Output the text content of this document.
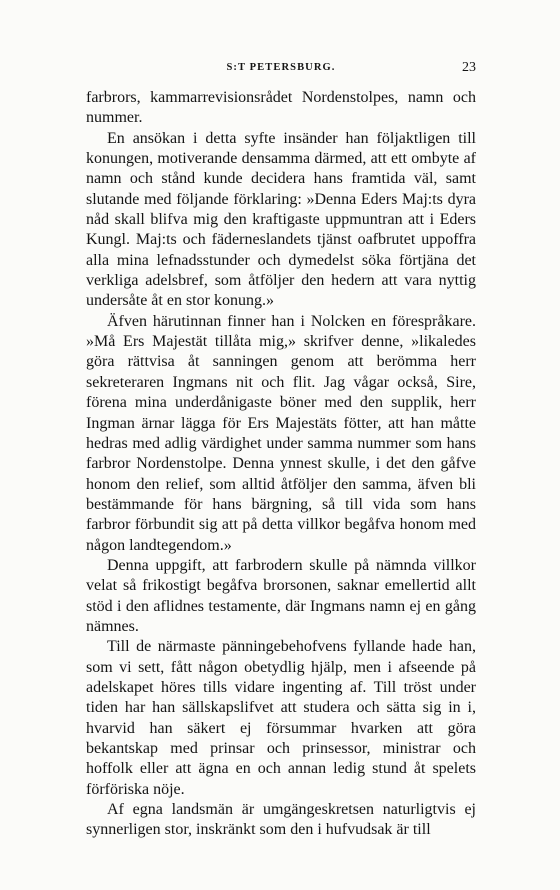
S:T PETERSBURG.	23

farbrors, kammarrevisionsrådet Nordenstolpes, namn och nummer.

En ansökan i detta syfte insänder han följaktligen till konungen, motiverande densamma därmed, att ett ombyte af namn och stånd kunde decidera hans framtida väl, samt slutande med följande förklaring: »Denna Eders Maj:ts dyra nåd skall blifva mig den kraftigaste uppmuntran att i Eders Kungl. Maj:ts och fäderneslandets tjänst oafbrutet uppoffra alla mina lefnadsstunder och dymedelst söka förtjäna det verkliga adelsbref, som åtföljer den hedern att vara nyttig undersåte åt en stor konung.»

Äfven härutinnan finner han i Nolcken en förespråkare. »Må Ers Majestät tillåta mig,» skrifver denne, »likaledes göra rättvisa åt sanningen genom att berömma herr sekreteraren Ingmans nit och flit. Jag vågar också, Sire, förena mina underdånigaste böner med den supplik, herr Ingman ärnar lägga för Ers Majestäts fötter, att han måtte hedras med adlig värdighet under samma nummer som hans farbror Nordenstolpe. Denna ynnest skulle, i det den gåfve honom den relief, som alltid åtföljer den samma, äfven bli bestämmande för hans bärgning, så till vida som hans farbror förbundit sig att på detta villkor begåfva honom med någon landtegendom.»

Denna uppgift, att farbrodern skulle på nämnda villkor velat så frikostigt begåfva brorsonen, saknar emellertid allt stöd i den aflidnes testamente, där Ingmans namn ej en gång nämnes.

Till de närmaste pänningebehofvens fyllande hade han, som vi sett, fått någon obetydlig hjälp, men i afseende på adelskapet höres tills vidare ingenting af. Till tröst under tiden har han sällskapslifvet att studera och sätta sig in i, hvarvid han säkert ej försummar hvarken att göra bekantskap med prinsar och prinsessor, ministrar och hoffolk eller att ägna en och annan ledig stund åt spelets förföriska nöje.

Af egna landsmän är umgängeskretsen naturligtvis ej synnerligen stor, inskränkt som den i hufvudsak är till
